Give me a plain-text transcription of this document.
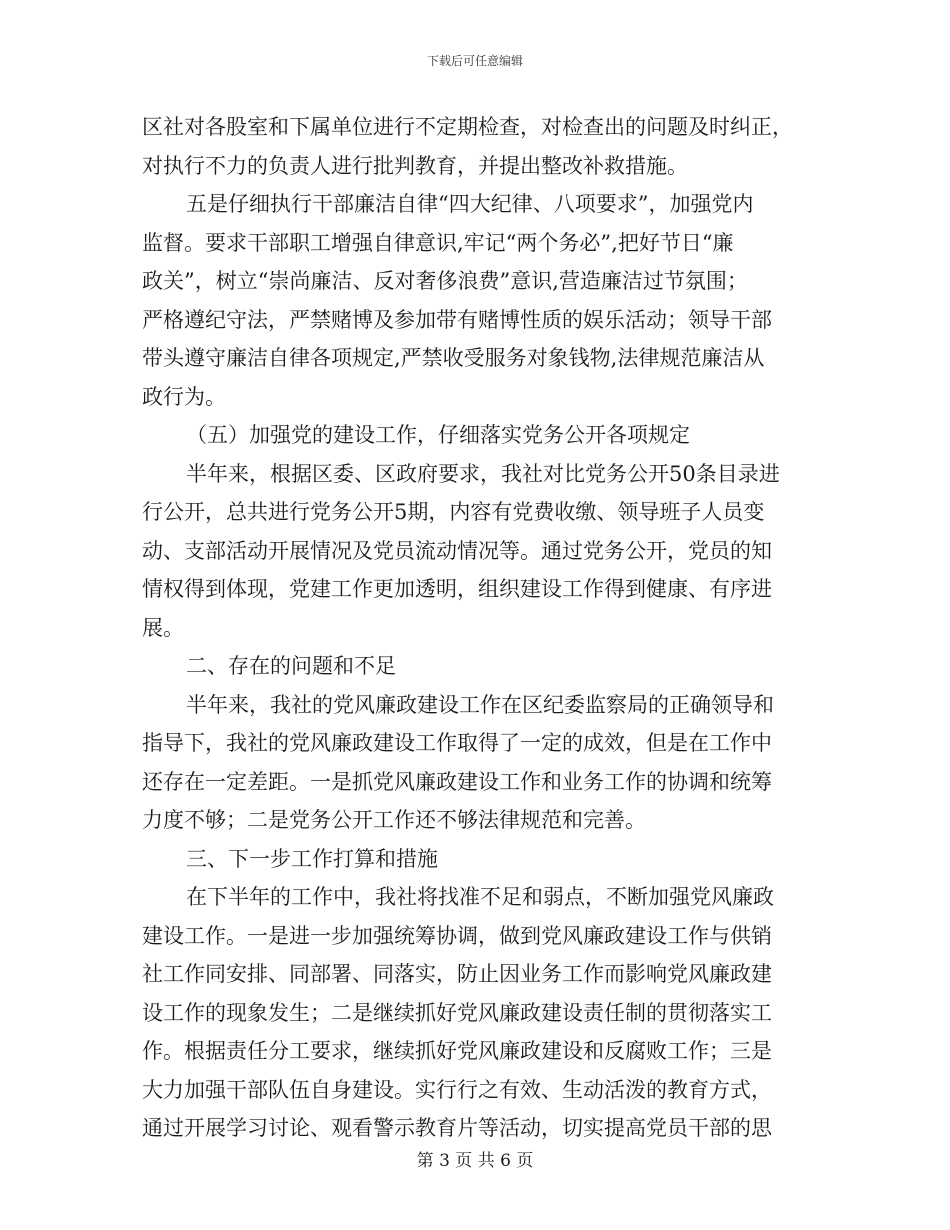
下载后可任意编辑
区社对各股室和下属单位进行不定期检查，对检查出的问题及时纠正，
对执行不力的负责人进行批判教育，并提出整改补救措施。
五是仔细执行干部廉洁自律“四大纪律、八项要求”，加强党内
监督。要求干部职工增强自律意识,牢记“两个务必”,把好节日“廉
政关”，树立“崇尚廉洁、反对奢侈浪费”意识,营造廉洁过节氛围；
严格遵纪守法，严禁赌博及参加带有赌博性质的娱乐活动；领导干部
带头遵守廉洁自律各项规定,严禁收受服务对象钱物,法律规范廉洁从
政行为。
（五）加强党的建设工作，仔细落实党务公开各项规定
半年来，根据区委、区政府要求，我社对比党务公开50条目录进
行公开，总共进行党务公开5期，内容有党费收缴、领导班子人员变
动、支部活动开展情况及党员流动情况等。通过党务公开，党员的知
情权得到体现，党建工作更加透明，组织建设工作得到健康、有序进
展。
二、存在的问题和不足
半年来，我社的党风廉政建设工作在区纪委监察局的正确领导和
指导下，我社的党风廉政建设工作取得了一定的成效，但是在工作中
还存在一定差距。一是抓党风廉政建设工作和业务工作的协调和统筹
力度不够；二是党务公开工作还不够法律规范和完善。
三、下一步工作打算和措施
在下半年的工作中，我社将找准不足和弱点，不断加强党风廉政
建设工作。一是进一步加强统筹协调，做到党风廉政建设工作与供销
社工作同安排、同部署、同落实，防止因业务工作而影响党风廉政建
设工作的现象发生；二是继续抓好党风廉政建设责任制的贯彻落实工
作。根据责任分工要求，继续抓好党风廉政建设和反腐败工作；三是
大力加强干部队伍自身建设。实行行之有效、生动活泼的教育方式，
通过开展学习讨论、观看警示教育片等活动，切实提高党员干部的思
第 3 页 共 6 页
